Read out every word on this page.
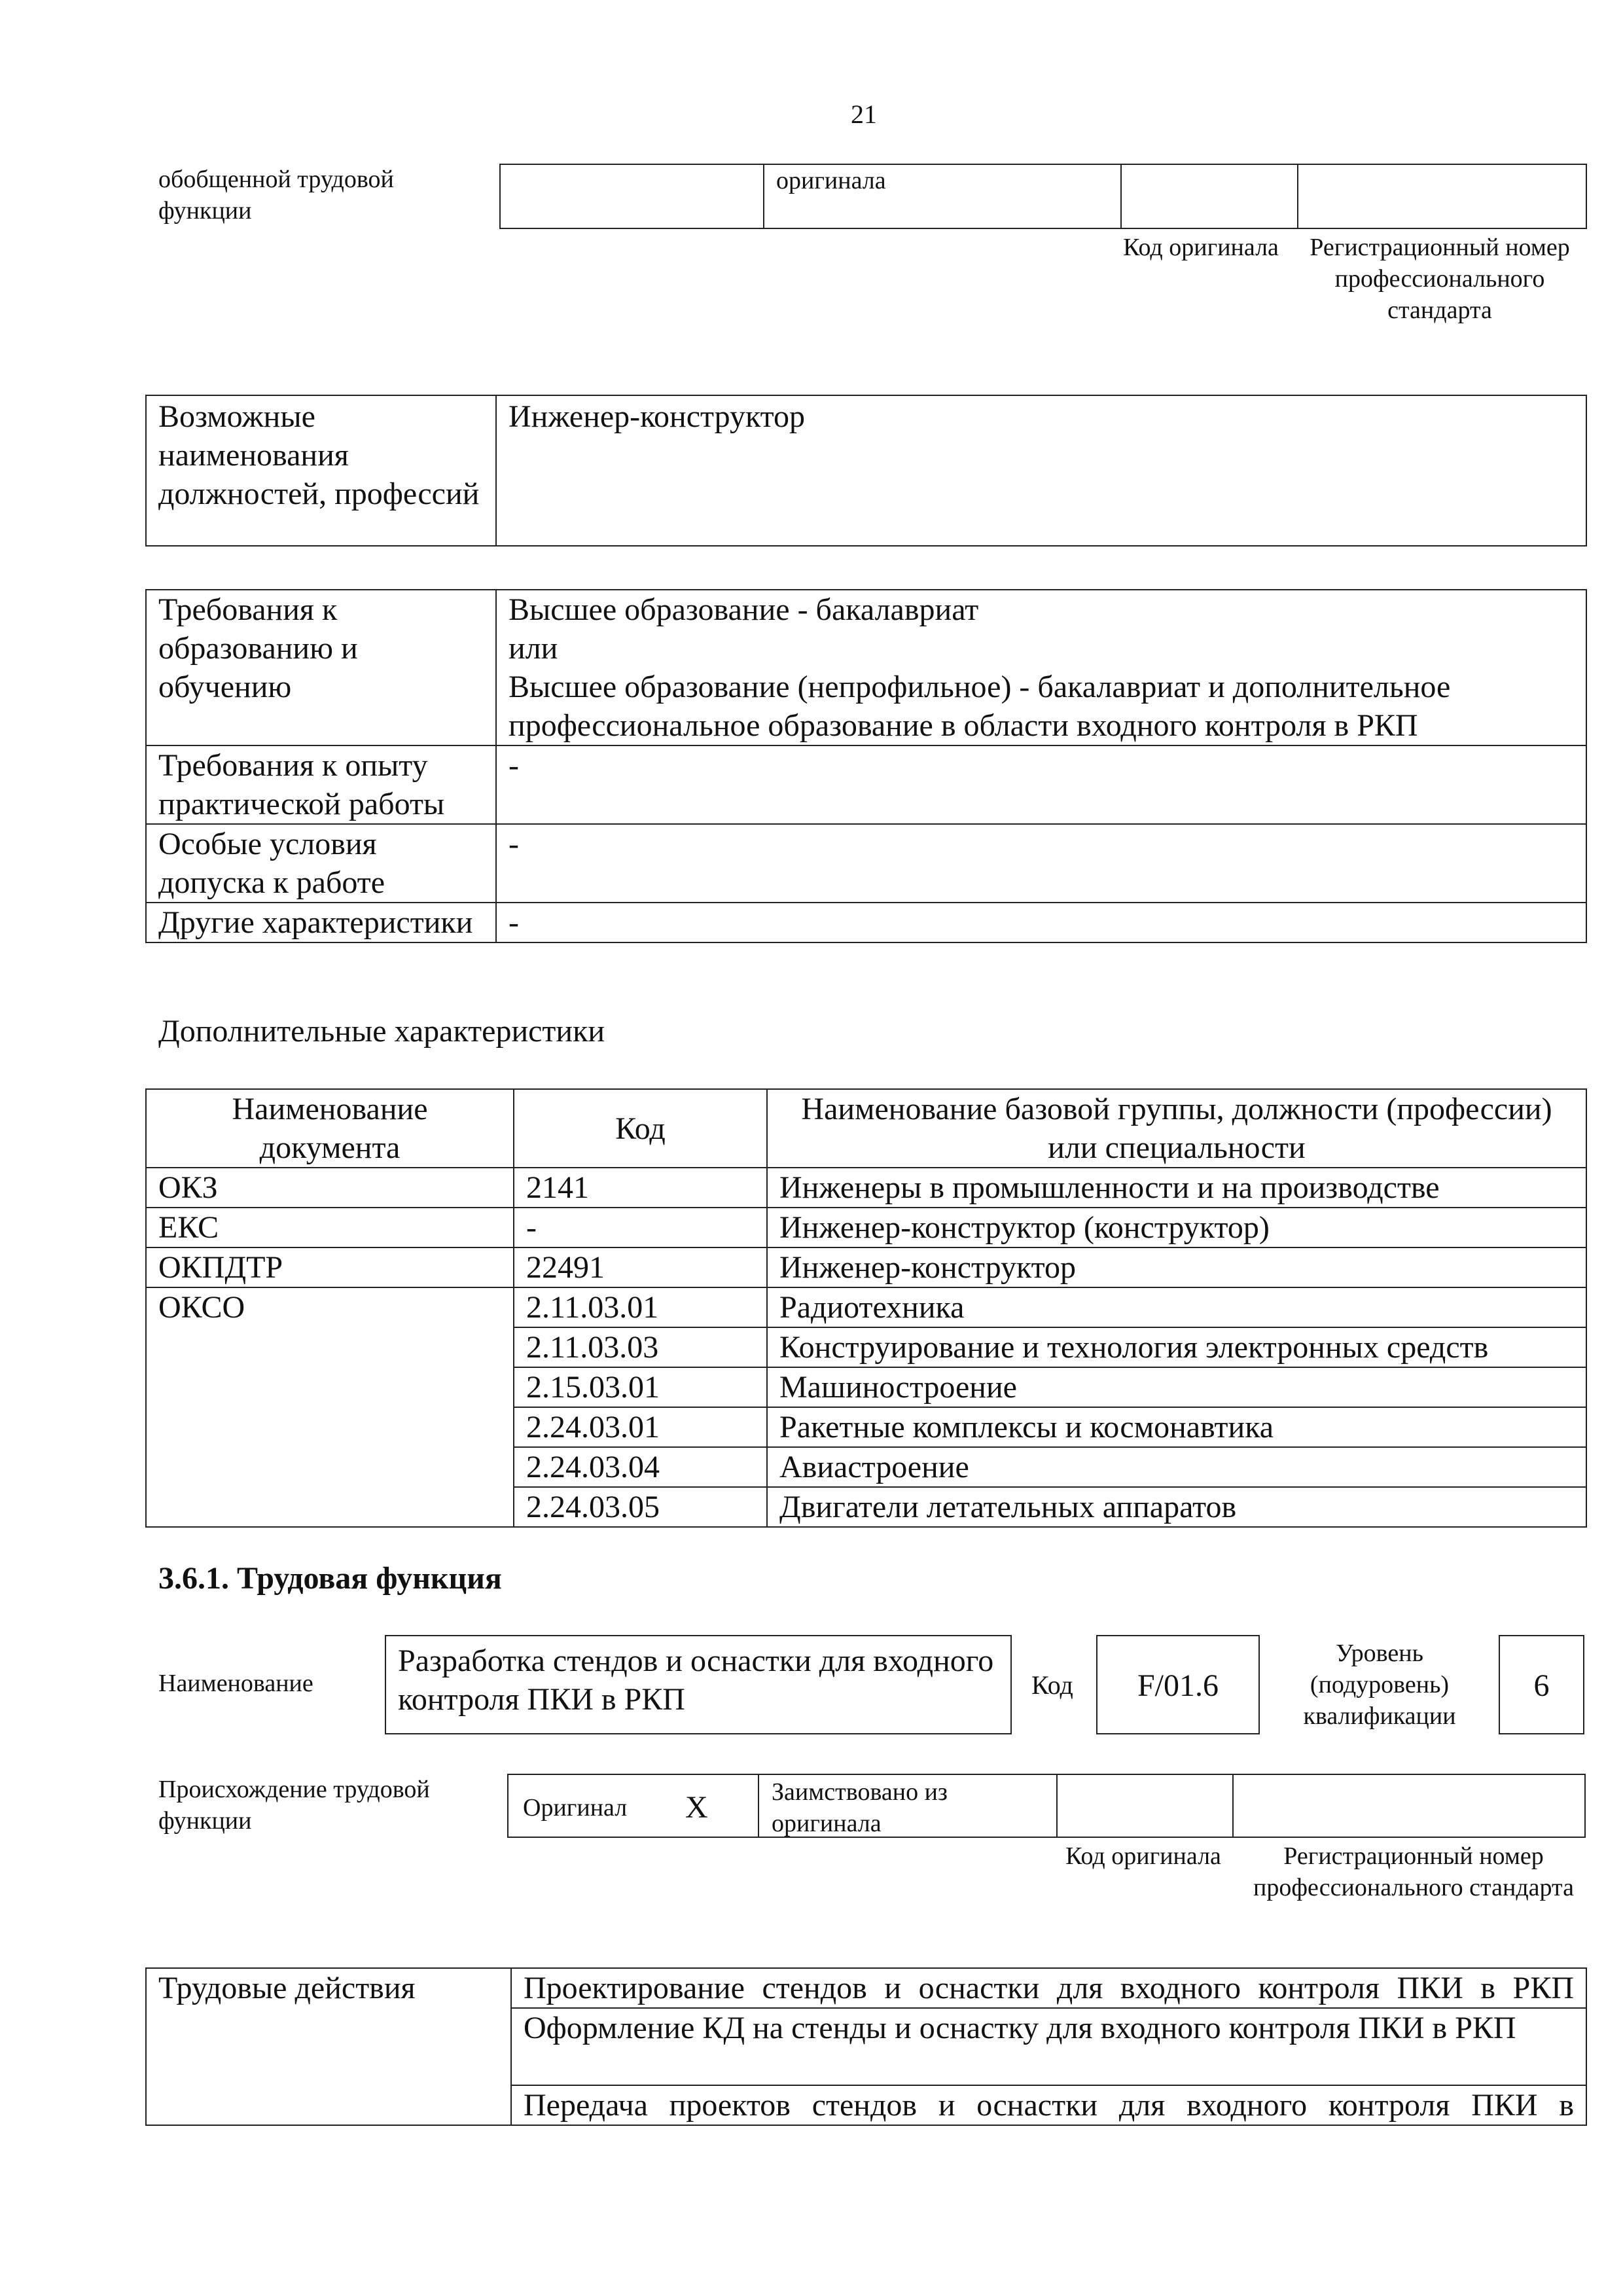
21
обобщенной трудовой функции
	оригинала		
Код оригинала	Регистрационный номер профессионального стандарта
Возможные наименования должностей, профессий	Инженер-конструктор
Требования к образованию и обучению	Высшее образование - бакалавриат
или
Высшее образование (непрофильное) - бакалавриат и дополнительное
профессиональное образование в области входного контроля в РКП

Требования к опыту практической работы	-

Особые условия допуска к работе	-

Другие характеристики	-
Дополнительные характеристики
Наименование документа	Код	Наименование базовой группы, должности (профессии) или специальности
ОКЗ	2141	Инженеры в промышленности и на производстве
ЕКС	-	Инженер-конструктор (конструктор)
ОКПДТР	22491	Инженер-конструктор
ОКСО	2.11.03.01	Радиотехника
	2.11.03.03	Конструирование и технология электронных средств
	2.15.03.01	Машиностроение
	2.24.03.01	Ракетные комплексы и космонавтика
	2.24.03.04	Авиастроение
	2.24.03.05	Двигатели летательных аппаратов
3.6.1. Трудовая функция
Наименование
Разработка стендов и оснастки для входного контроля ПКИ в РКП	Код	F/01.6
Уровень (подуровень) квалификации
6
Происхождение трудовой функции	Оригинал X	Заимствовано из оригинала
Код оригинала	Регистрационный номер профессионального стандарта
Трудовые действия	Проектирование стендов и оснастки для входного контроля ПКИ в РКП

Оформление КД на стенды и оснастку для входного контроля ПКИ в РКП

Передача проектов стендов и оснастки для входного контроля ПКИ в
